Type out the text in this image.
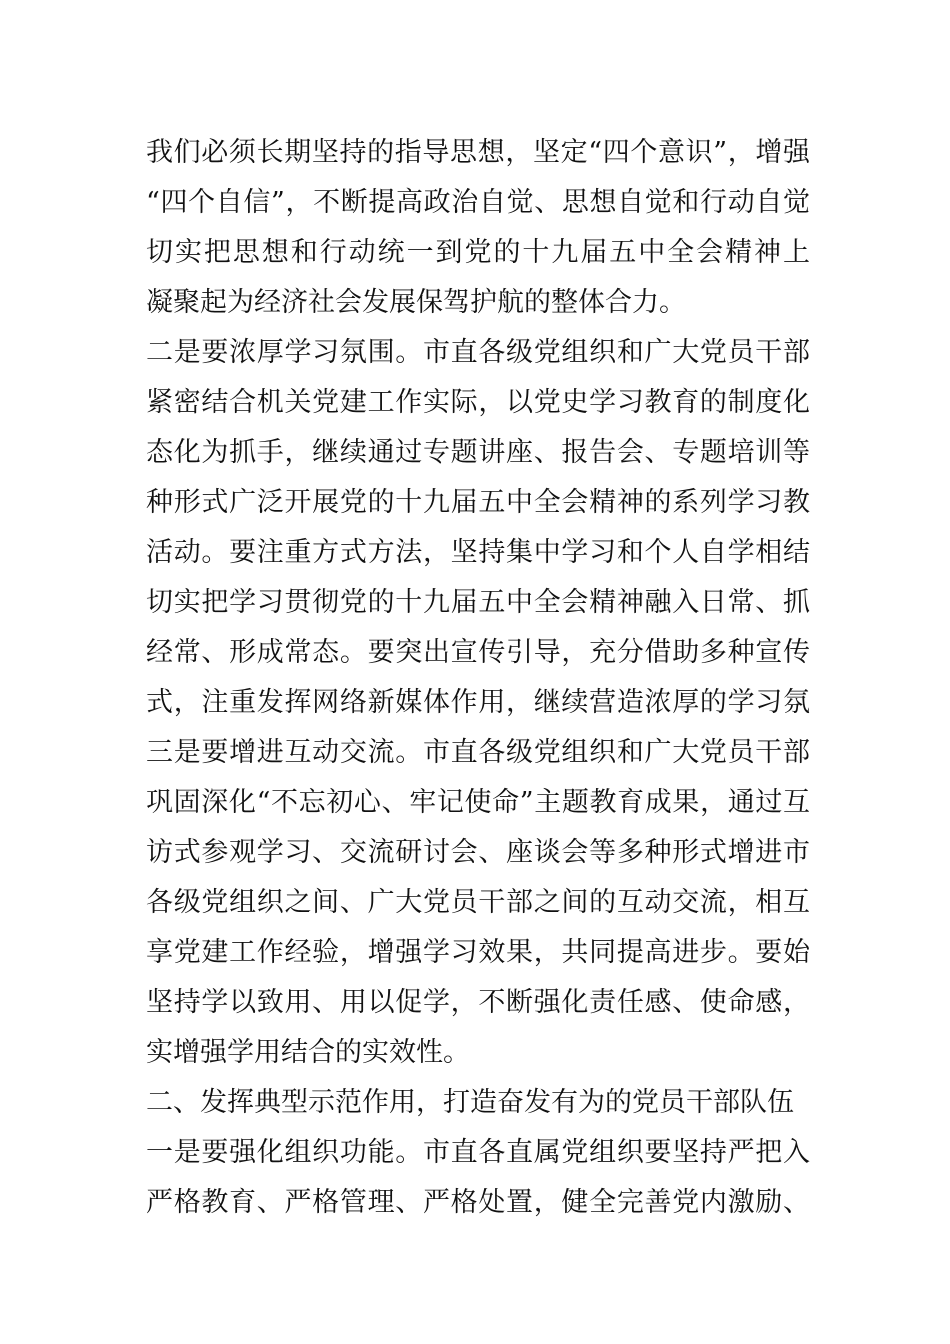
我们必须长期坚持的指导思想，坚定“四个意识”，增强
“四个自信”，不断提高政治自觉、思想自觉和行动自觉
切实把思想和行动统一到党的十九届五中全会精神上
凝聚起为经济社会发展保驾护航的整体合力。
二是要浓厚学习氛围。市直各级党组织和广大党员干部
紧密结合机关党建工作实际，以党史学习教育的制度化
态化为抓手，继续通过专题讲座、报告会、专题培训等
种形式广泛开展党的十九届五中全会精神的系列学习教
活动。要注重方式方法，坚持集中学习和个人自学相结
切实把学习贯彻党的十九届五中全会精神融入日常、抓
经常、形成常态。要突出宣传引导，充分借助多种宣传
式，注重发挥网络新媒体作用，继续营造浓厚的学习氛
三是要增进互动交流。市直各级党组织和广大党员干部
巩固深化“不忘初心、牢记使命”主题教育成果，通过互
访式参观学习、交流研讨会、座谈会等多种形式增进市
各级党组织之间、广大党员干部之间的互动交流，相互
享党建工作经验，增强学习效果，共同提高进步。要始
坚持学以致用、用以促学，不断强化责任感、使命感，
实增强学用结合的实效性。
二、发挥典型示范作用，打造奋发有为的党员干部队伍
一是要强化组织功能。市直各直属党组织要坚持严把入
严格教育、严格管理、严格处置，健全完善党内激励、
